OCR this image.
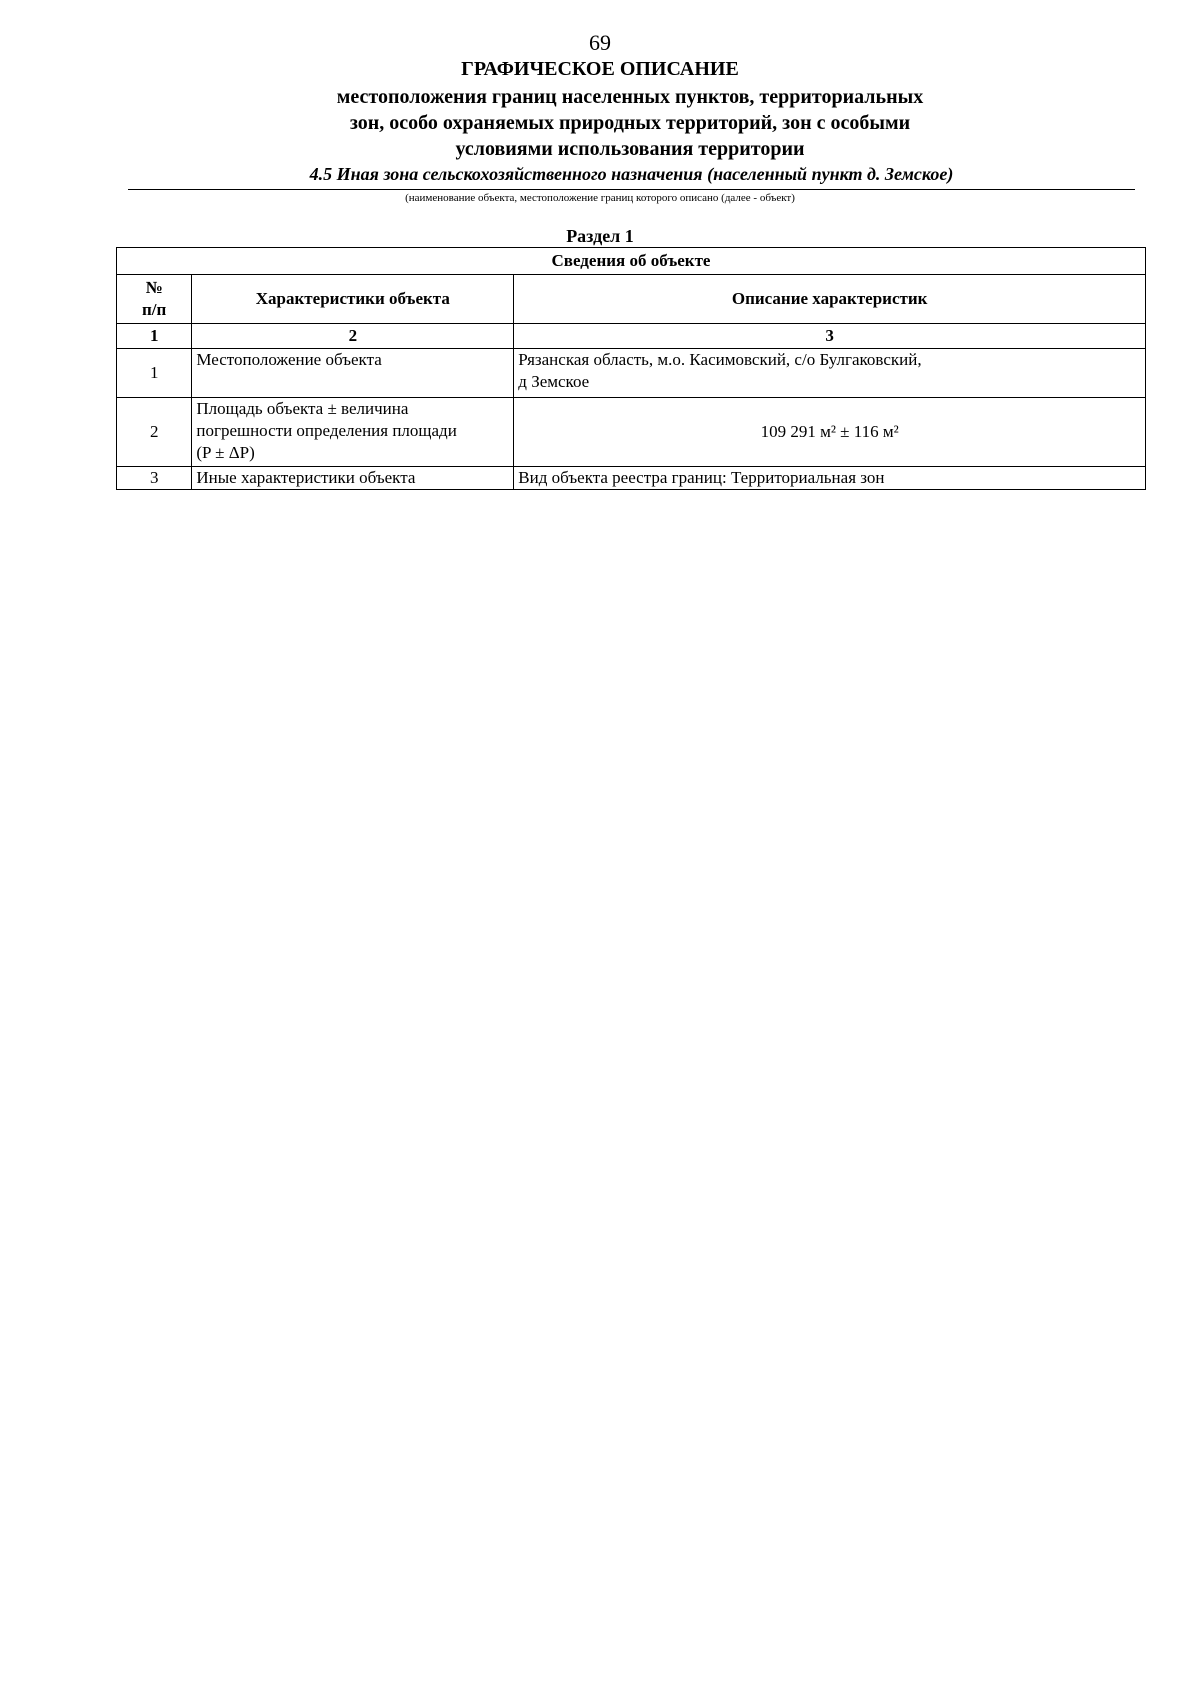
69
ГРАФИЧЕСКОЕ ОПИСАНИЕ
местоположения границ населенных пунктов, территориальных
зон, особо охраняемых природных территорий, зон с особыми
условиями использования территории
4.5 Иная зона сельскохозяйственного назначения (населенный пункт д. Земское)
(наименование объекта, местоположение границ которого описано (далее - объект)
Раздел 1
Сведения об объекте		

№
п/п	Характеристики объекта	Описание характеристик
1	2	3
1	Местоположение объекта	Рязанская область, м.о. Касимовский, с/о Булгаковский,
д Земское

2	Площадь объекта ± величина
погрешности определения площади
(P ± ΔP)	109 291 м² ± 116 м²
3	Иные характеристики объекта	Вид объекта реестра границ: Территориальная зон
